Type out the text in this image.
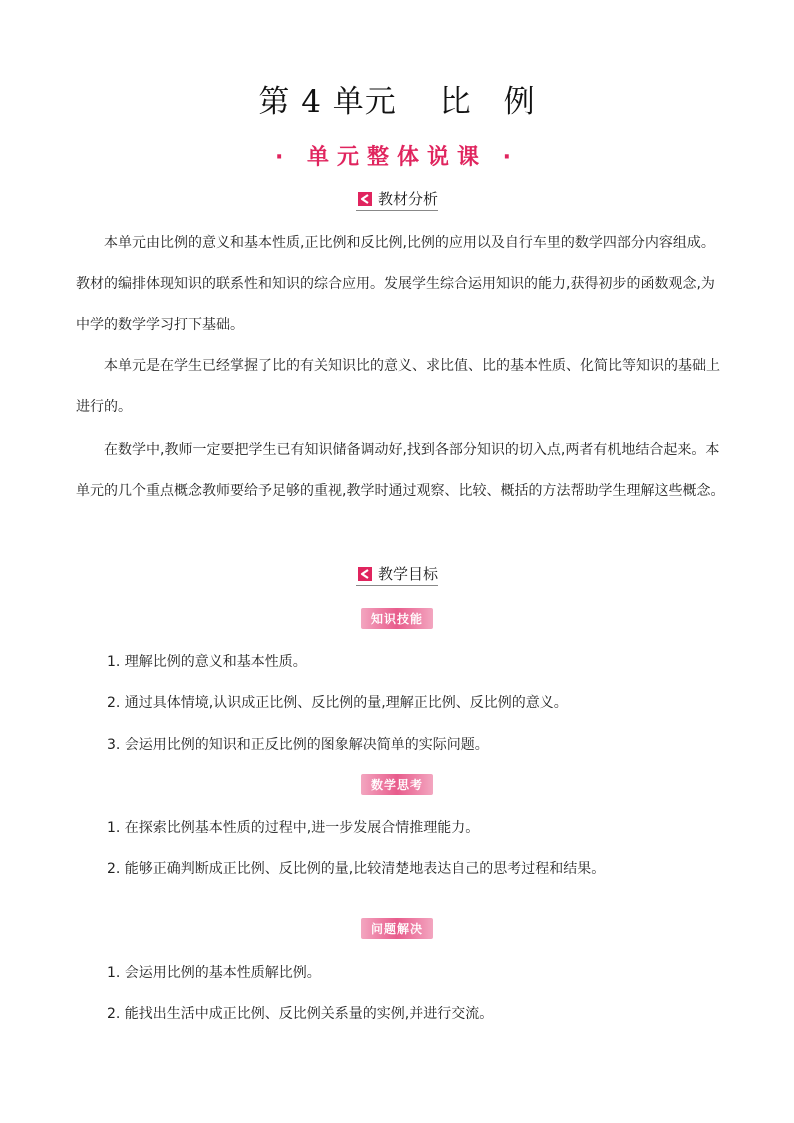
第 4 单元　 比　例
· 单元整体说课 ·
教材分析
本单元由比例的意义和基本性质,正比例和反比例,比例的应用以及自行车里的数学四部分内容组成。教材的编排体现知识的联系性和知识的综合应用。发展学生综合运用知识的能力,获得初步的函数观念,为中学的数学学习打下基础。
本单元是在学生已经掌握了比的有关知识比的意义、求比值、比的基本性质、化简比等知识的基础上进行的。
在数学中,教师一定要把学生已有知识储备调动好,找到各部分知识的切入点,两者有机地结合起来。本单元的几个重点概念教师要给予足够的重视,教学时通过观察、比较、概括的方法帮助学生理解这些概念。
教学目标
知识技能
1. 理解比例的意义和基本性质。
2. 通过具体情境,认识成正比例、反比例的量,理解正比例、反比例的意义。
3. 会运用比例的知识和正反比例的图象解决简单的实际问题。
数学思考
1. 在探索比例基本性质的过程中,进一步发展合情推理能力。
2. 能够正确判断成正比例、反比例的量,比较清楚地表达自己的思考过程和结果。
问题解决
1. 会运用比例的基本性质解比例。
2. 能找出生活中成正比例、反比例关系量的实例,并进行交流。
